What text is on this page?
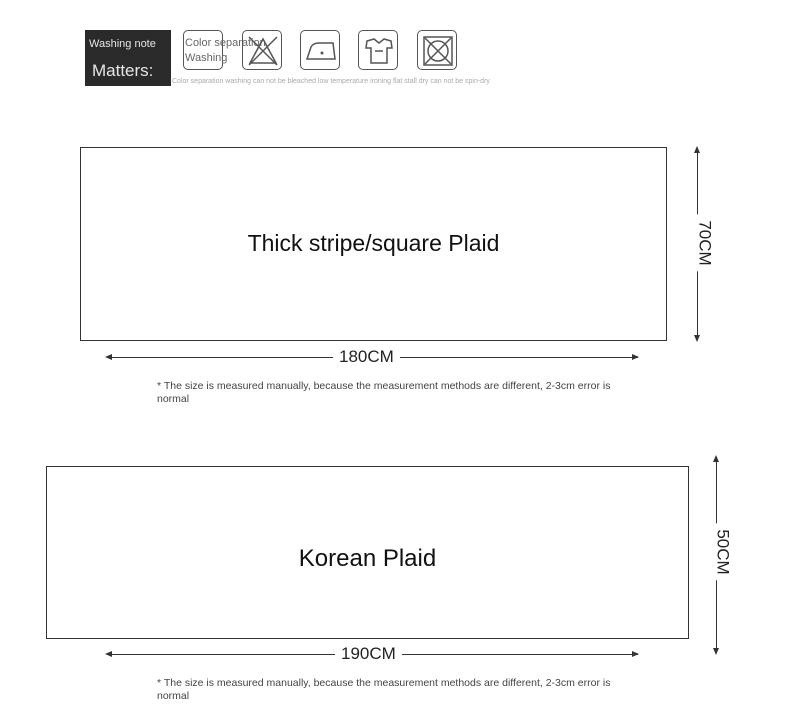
Washing note
Matters:
Color separation Washing
Color separation washing can not be bleached low temperature ironing flat stall dry can not be spin-dry
Thick stripe/square Plaid
180CM
70CM
* The size is measured manually, because the measurement methods are different, 2-3cm error is normal
Korean Plaid
190CM
50CM
* The size is measured manually, because the measurement methods are different, 2-3cm error is normal
